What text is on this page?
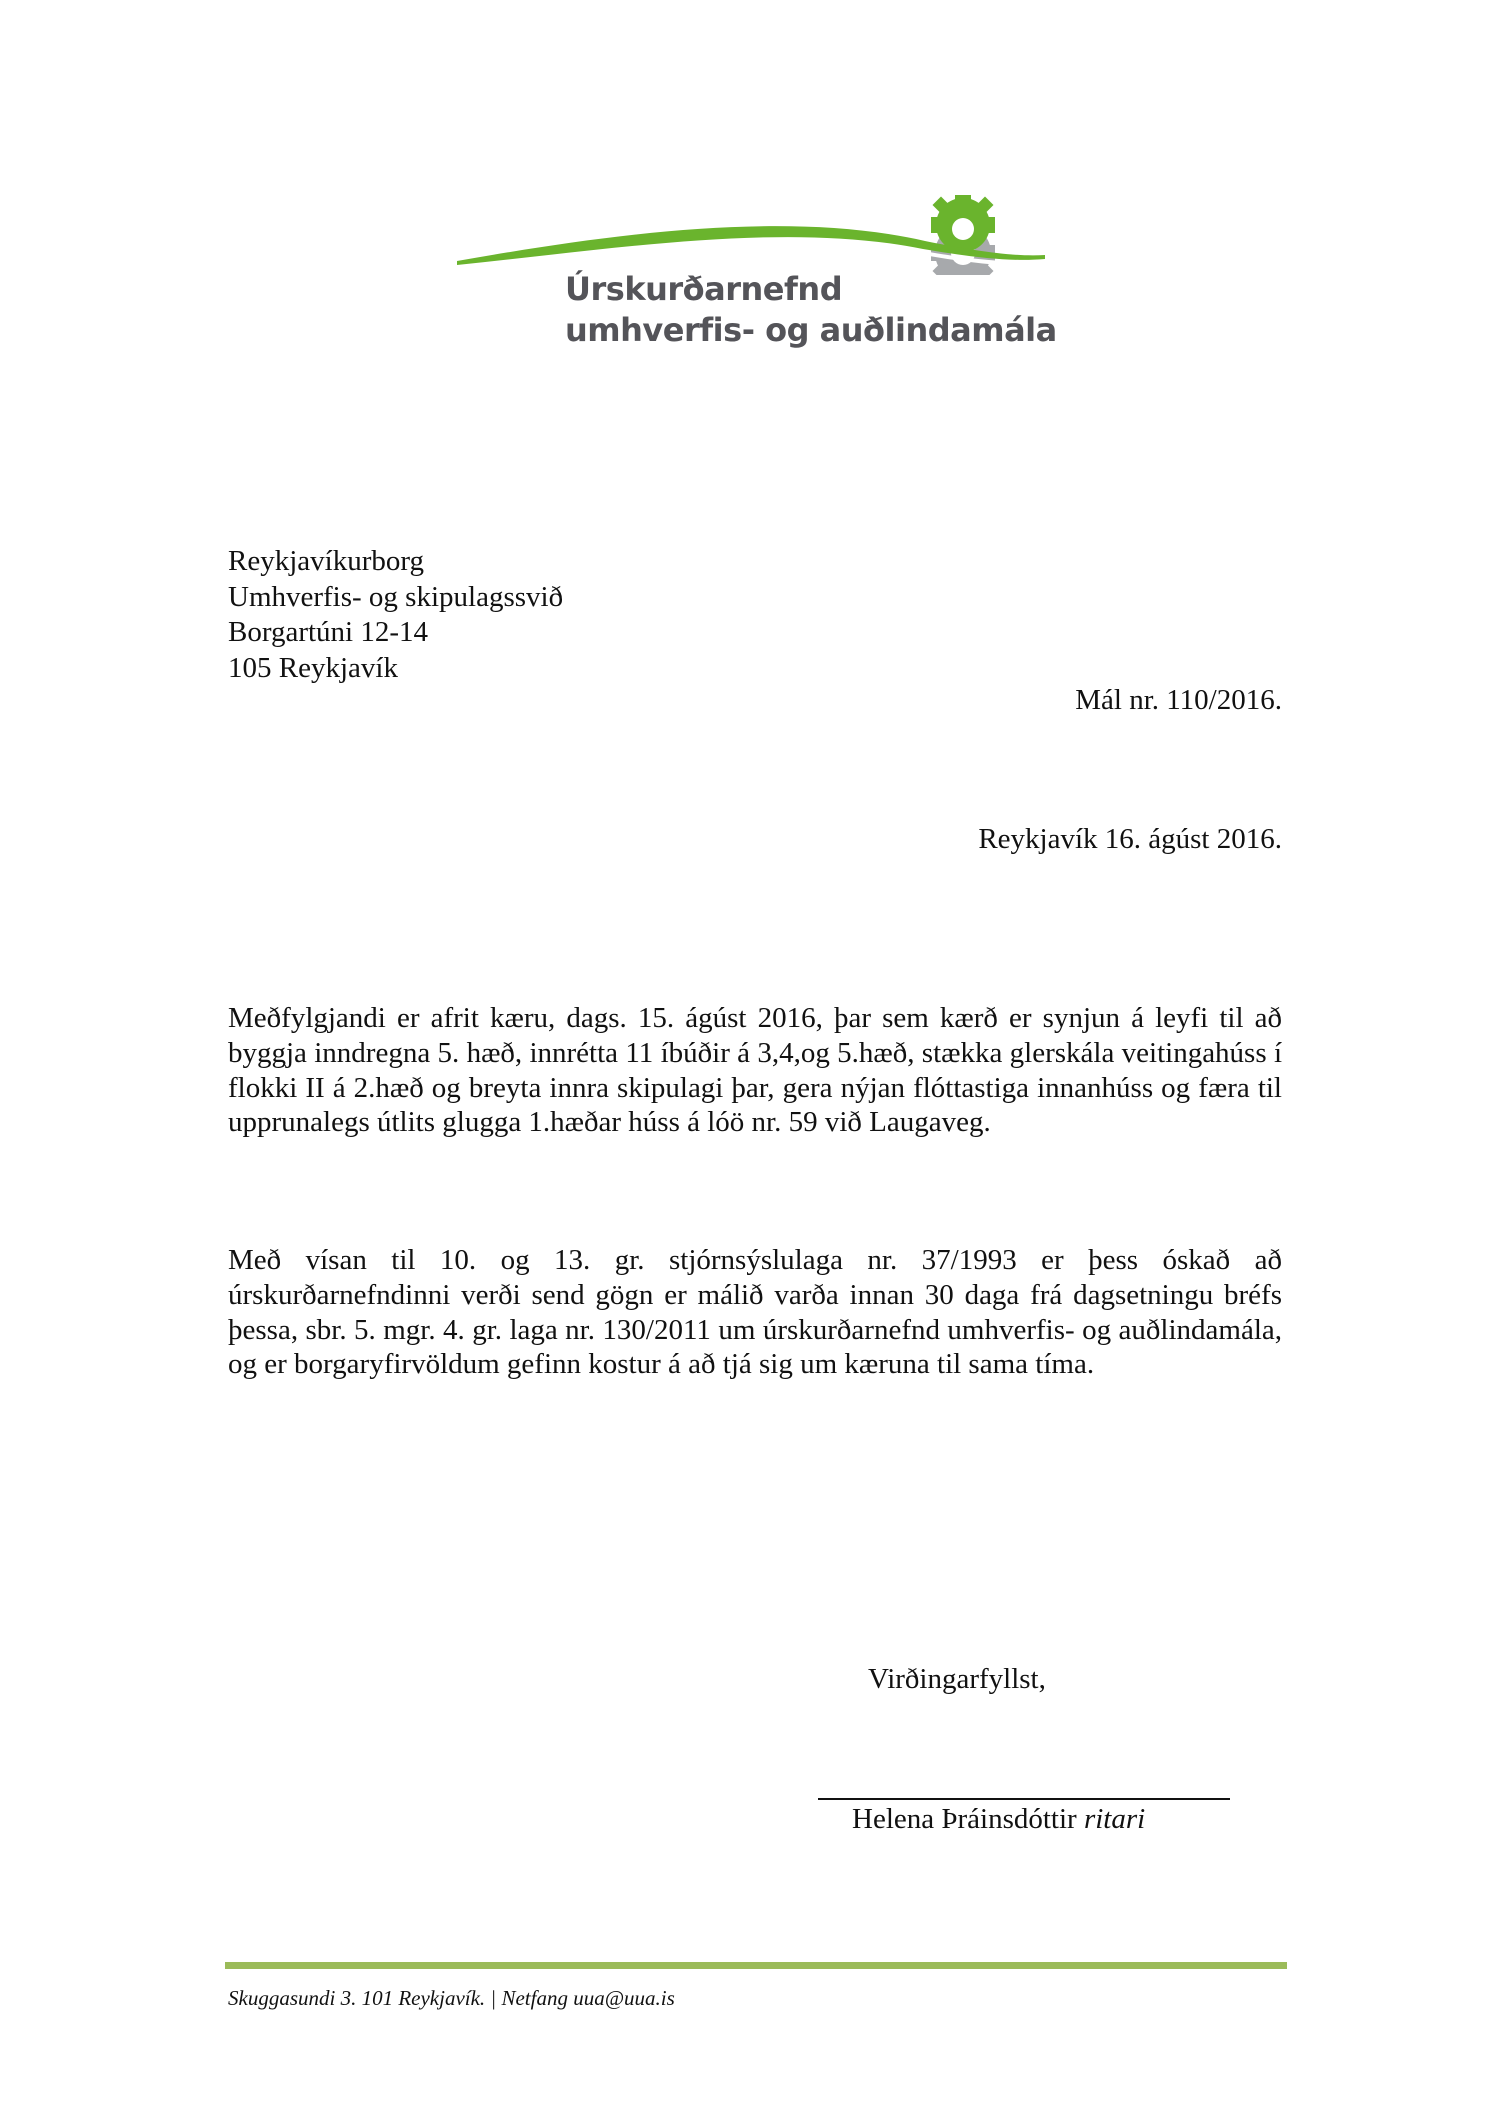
Úrskurðarnefnd
umhverfis- og auðlindamála
Reykjavíkurborg
Umhverfis- og skipulagssvið
Borgartúni 12-14
105 Reykjavík
Mál nr. 110/2016.
Reykjavík 16. ágúst 2016.
Meðfylgjandi er afrit kæru, dags. 15. ágúst 2016, þar sem kærð er synjun á leyfi til að byggja inndregna 5. hæð, innrétta 11 íbúðir á 3,4,og 5.hæð, stækka glerskála veitingahúss í flokki II á 2.hæð og breyta innra skipulagi þar, gera nýjan flóttastiga innanhúss og færa til upprunalegs útlits glugga 1.hæðar húss á lóö nr. 59 við Laugaveg.
Með vísan til 10. og 13. gr. stjórnsýslulaga nr. 37/1993 er þess óskað að úrskurðarnefndinni verði send gögn er málið varða innan 30 daga frá dagsetningu bréfs þessa, sbr. 5. mgr. 4. gr. laga nr. 130/2011 um úrskurðarnefnd umhverfis- og auðlindamála, og er borgaryfirvöldum gefinn kostur á að tjá sig um kæruna til sama tíma.
Virðingarfyllst,
Helena Þráinsdóttir ritari
Skuggasundi 3. 101 Reykjavík. | Netfang uua@uua.is
